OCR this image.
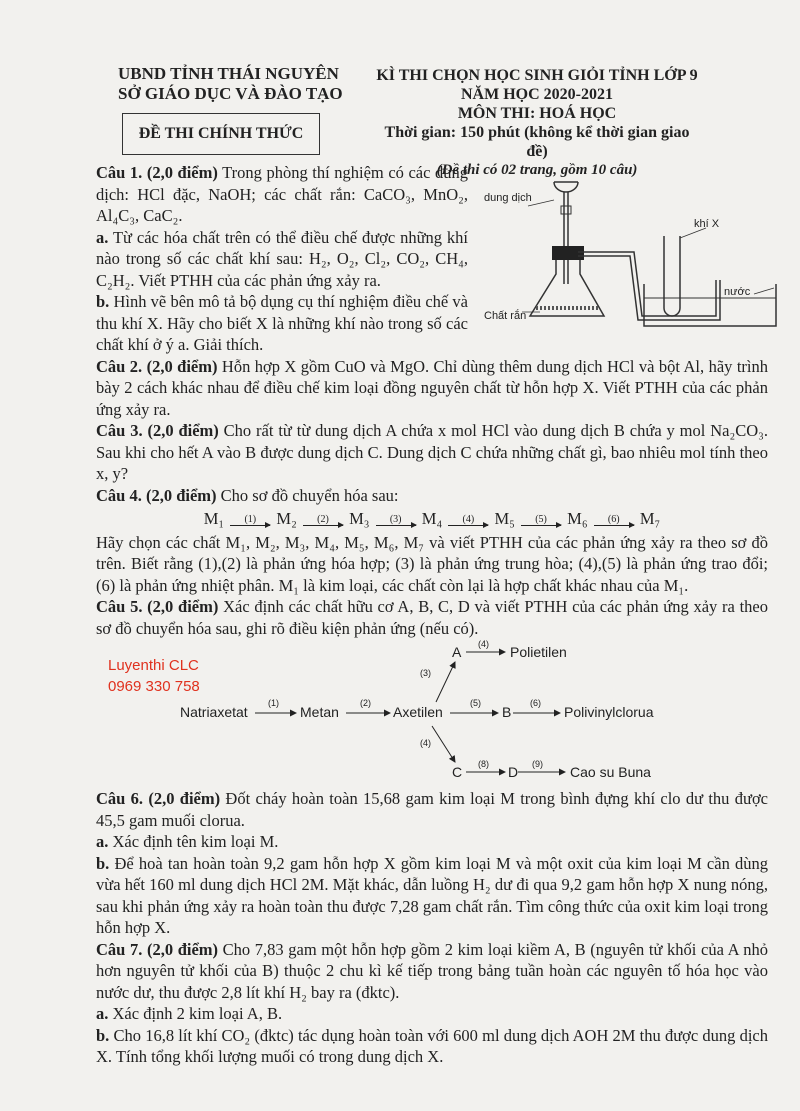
UBND TỈNH THÁI NGUYÊN
SỞ GIÁO DỤC VÀ ĐÀO TẠO
ĐỀ THI CHÍNH THỨC
KÌ THI CHỌN HỌC SINH GIỎI TỈNH LỚP 9
NĂM HỌC 2020-2021
MÔN THI: HOÁ HỌC
Thời gian: 150 phút (không kể thời gian giao đề)
(Đề thi có 02 trang, gồm 10 câu)
dung dịch
khí X
nước
Chất rắn

Câu 1. (2,0 điểm) Trong phòng thí nghiệm có các dung dịch: HCl đặc, NaOH; các chất rắn: CaCO₃, MnO₂, Al₄C₃, CaC₂.

a. Từ các hóa chất trên có thể điều chế được những khí nào trong số các chất khí sau: H₂, O₂, Cl₂, CO₂, CH₄, C₂H₂. Viết PTHH của các phản ứng xảy ra.

b. Hình vẽ bên mô tả bộ dụng cụ thí nghiệm điều chế và thu khí X. Hãy cho biết X là những khí nào trong số các chất khí ở ý a. Giải thích.

Câu 2. (2,0 điểm) Hỗn hợp X gồm CuO và MgO. Chỉ dùng thêm dung dịch HCl và bột Al, hãy trình bày 2 cách khác nhau để điều chế kim loại đồng nguyên chất từ hỗn hợp X. Viết PTHH của các phản ứng xảy ra.

Câu 3. (2,0 điểm) Cho rất từ từ dung dịch A chứa x mol HCl vào dung dịch B chứa y mol Na₂CO₃. Sau khi cho hết A vào B được dung dịch C. Dung dịch C chứa những chất gì, bao nhiêu mol tính theo x, y?

Câu 4. (2,0 điểm) Cho sơ đồ chuyển hóa sau:

M₁	(1)	M₂	(2)	M₃	(3)	M₄	(4)	M₅	(5)	M₆	(6)	M₇

Hãy chọn các chất M₁, M₂, M₃, M₄, M₅, M₆, M₇ và viết PTHH của các phản ứng xảy ra theo sơ đồ trên. Biết rằng (1),(2) là phản ứng hóa hợp; (3) là phản ứng trung hòa; (4),(5) là phản ứng trao đổi; (6) là phản ứng nhiệt phân. M₁ là kim loại, các chất còn lại là hợp chất khác nhau của M₁.

Câu 5. (2,0 điểm) Xác định các chất hữu cơ A, B, C, D và viết PTHH của các phản ứng xảy ra theo sơ đồ chuyển hóa sau, ghi rõ điều kiện phản ứng (nếu có).

Luyenthi CLC
0969 330 758
Natriaxetat
(1)
Metan
(2)
Axetilen
(3)
A (4) Polietilen
(5)
B
(6)
Polivinylclorua
(4)
C (8) D (9) Cao su Buna

Câu 6. (2,0 điểm) Đốt cháy hoàn toàn 15,68 gam kim loại M trong bình đựng khí clo dư thu được 45,5 gam muối clorua.

a. Xác định tên kim loại M.

b. Để hoà tan hoàn toàn 9,2 gam hỗn hợp X gồm kim loại M và một oxit của kim loại M cần dùng vừa hết 160 ml dung dịch HCl 2M. Mặt khác, dẫn luồng H₂ dư đi qua 9,2 gam hỗn hợp X nung nóng, sau khi phản ứng xảy ra hoàn toàn thu được 7,28 gam chất rắn. Tìm công thức của oxit kim loại trong hỗn hợp X.

Câu 7. (2,0 điểm) Cho 7,83 gam một hỗn hợp gồm 2 kim loại kiềm A, B (nguyên tử khối của A nhỏ hơn nguyên tử khối của B) thuộc 2 chu kì kế tiếp trong bảng tuần hoàn các nguyên tố hóa học vào nước dư, thu được 2,8 lít khí H₂ bay ra (đktc).

a. Xác định 2 kim loại A, B.

b. Cho 16,8 lít khí CO₂ (đktc) tác dụng hoàn toàn với 600 ml dung dịch AOH 2M thu được dung dịch X. Tính tổng khối lượng muối có trong dung dịch X.
